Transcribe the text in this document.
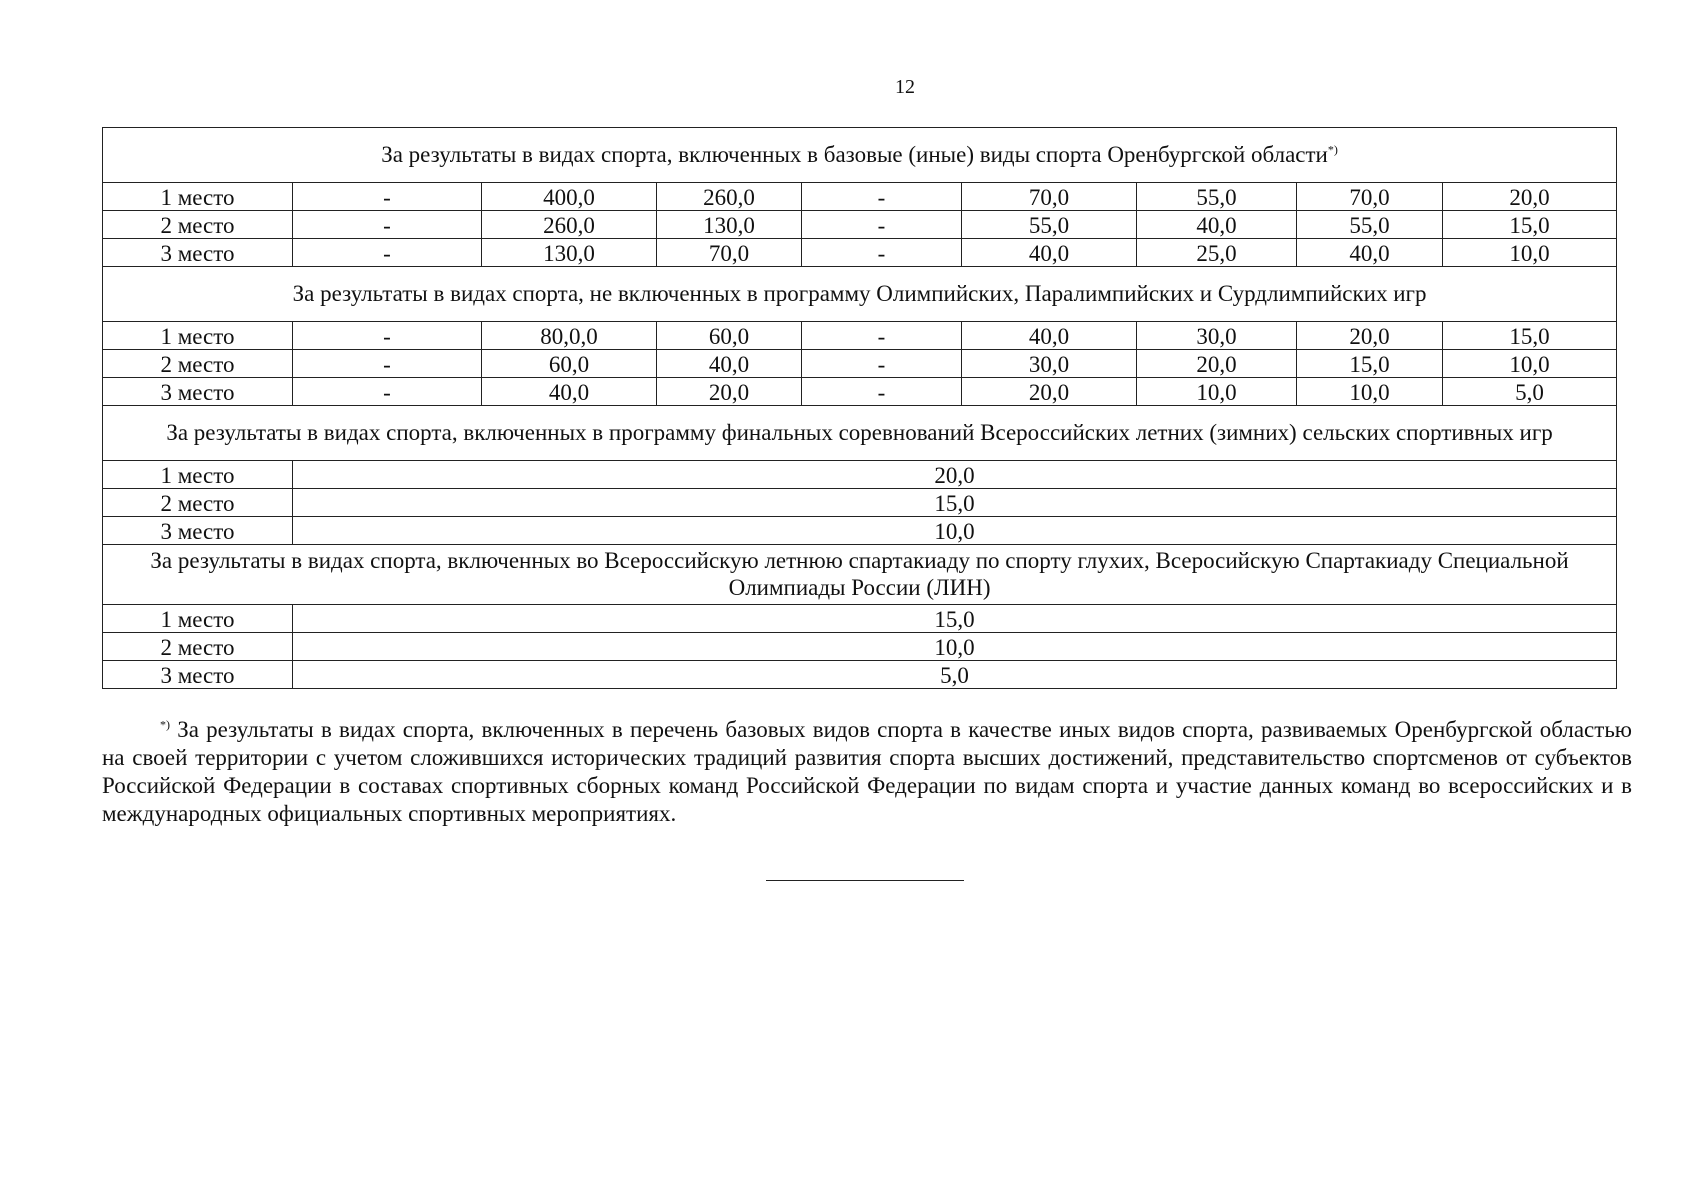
12
За результаты в видах спорта, включенных в базовые (иные) виды спорта Оренбургской области*)
1 место	-	400,0	260,0	-	70,0	55,0	70,0	20,0
2 место	-	260,0	130,0	-	55,0	40,0	55,0	15,0
3 место	-	130,0	70,0	-	40,0	25,0	40,0	10,0
За результаты в видах спорта, не включенных в программу Олимпийских, Паралимпийских и Сурдлимпийских игр								
1 место	-	80,0,0	60,0	-	40,0	30,0	20,0	15,0
2 место	-	60,0	40,0	-	30,0	20,0	15,0	10,0
3 место	-	40,0	20,0	-	20,0	10,0	10,0	5,0
За результаты в видах спорта, включенных в программу финальных соревнований Всероссийских летних (зимних) сельских спортивных игр								
1 место	20,0							
2 место	15,0							
3 место	10,0							
За результаты в видах спорта, включенных во Всероссийскую летнюю спартакиаду по спорту глухих, Всеросийскую Спартакиаду Специальной Олимпиады России (ЛИН)								
1 место	15,0							
2 место	10,0							
3 место	5,0							
*) За результаты в видах спорта, включенных в перечень базовых видов спорта в качестве иных видов спорта, развиваемых Оренбургской областью на своей территории с учетом сложившихся исторических традиций развития спорта высших достижений, представительство спортсменов от субъектов Российской Федерации в составах спортивных сборных команд Российской Федерации по видам спорта и участие данных команд во всероссийских и в международных официальных спортивных мероприятиях.
